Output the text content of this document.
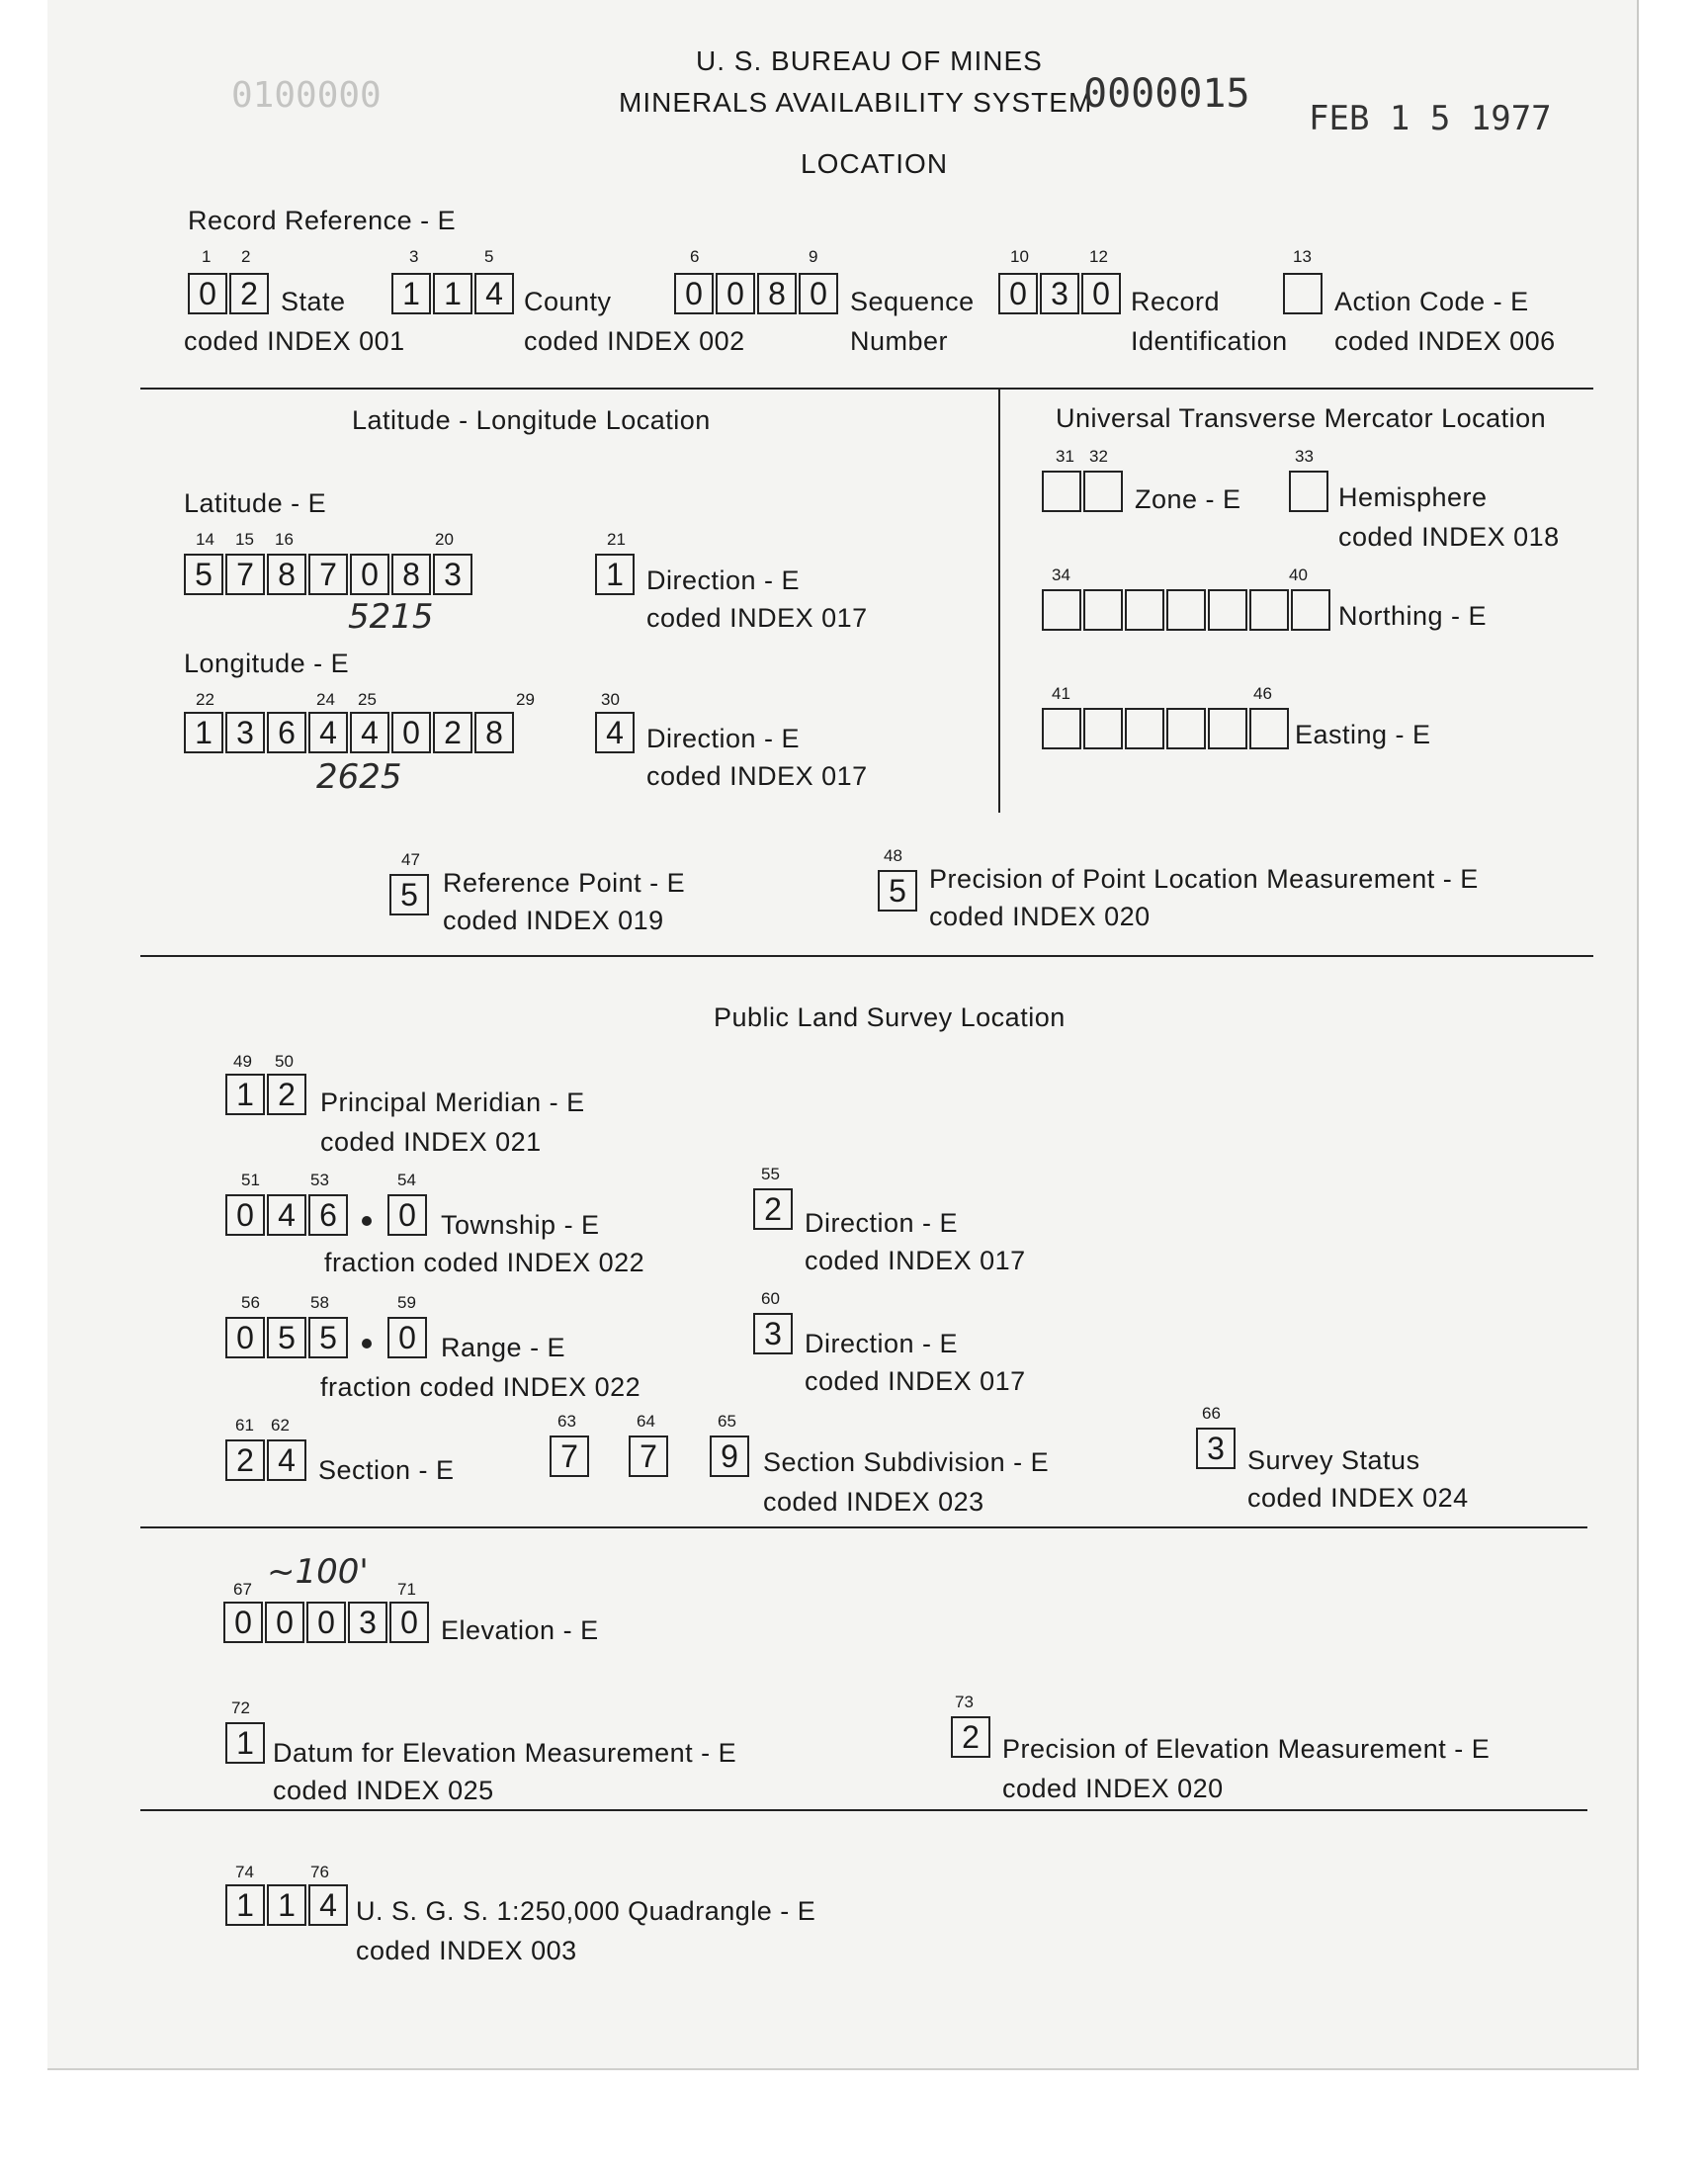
U. S. BUREAU OF MINES
MINERALS AVAILABILITY SYSTEM
0000015
FEB 1 5 1977
0100000
LOCATION
Record Reference - E
1 2
0 2 State
coded INDEX 001
3	5
1 1 4 County
coded INDEX 002
6	9
0 0 8 0 Sequence
Number
10	12
0 3 0 Record
Identification
13
Action Code - E
coded INDEX 006
Latitude - Longitude Location
Latitude - E
14 15 16	20
5 7 8 7 0 8 3
5215
21
1 Direction - E
coded INDEX 017
Longitude - E
22	24 25	29
1 3 6 4 4 0 2 8
2625
30
4 Direction - E
coded INDEX 017
Universal Transverse Mercator Location
31 32
Zone - E
33
Hemisphere
coded INDEX 018
34	40
Northing - E
41	46
Easting - E
47
5 Reference Point - E
coded INDEX 019
48
5 Precision of Point Location Measurement - E
coded INDEX 020
Public Land Survey Location
49 50
1 2 Principal Meridian - E
coded INDEX 021
51	53	54
0 4 6	0 Township - E
fraction coded INDEX 022
55
2 Direction - E
coded INDEX 017
56	58	59
0 5 5	0 Range - E
fraction coded INDEX 022
60
3 Direction - E
coded INDEX 017
61 62
2 4 Section - E
63
7
64
7
65
9 Section Subdivision - E
coded INDEX 023
66
3 Survey Status
coded INDEX 024
~100'
67	71
0 0 0 3 0 Elevation - E
72
1 Datum for Elevation Measurement - E
coded INDEX 025
73
2 Precision of Elevation Measurement - E
coded INDEX 020
74	76
1 1 4 U. S. G. S. 1:250,000 Quadrangle - E
coded INDEX 003
